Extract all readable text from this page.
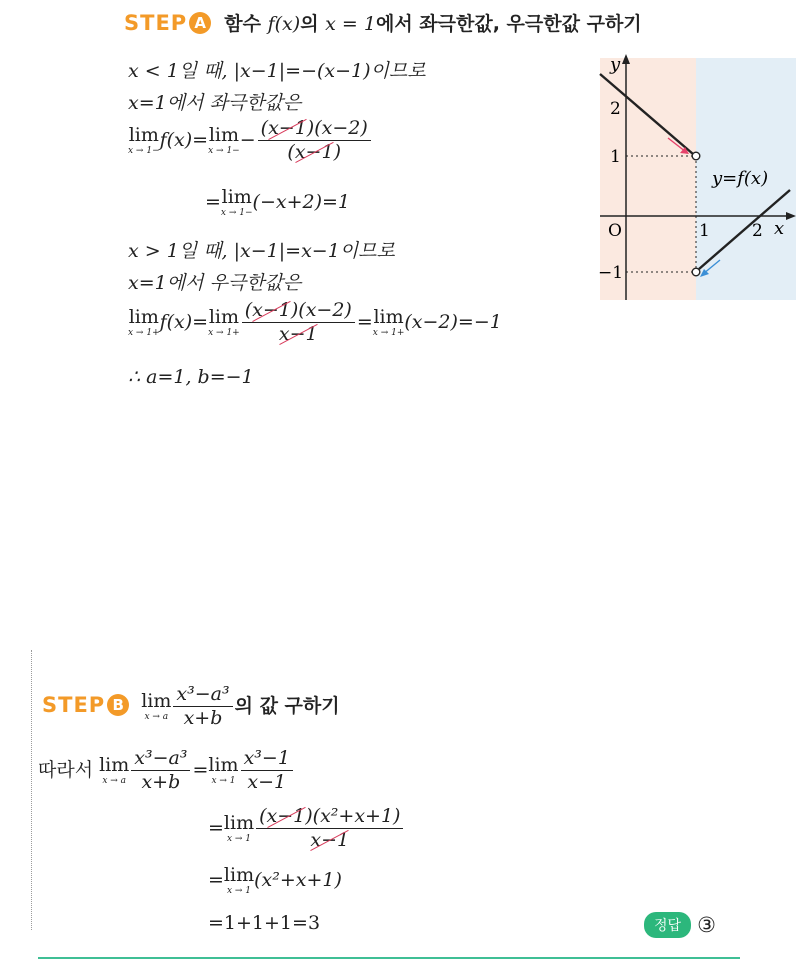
STEP A 함수 f(x)의 x = 1에서 좌극한값, 우극한값 구하기
x < 1일 때, |x−1|=−(x−1)이므로
x=1에서 좌극한값은
lim
x → 1− f(x)= lim
$x \to 1- - \frac{(x-1)(x-2)}{(x-1)}$
= lim
x → 1− (−x+2)=1
x > 1일 때, |x−1|=x−1이므로
x=1에서 우극한값은
lim
x → 1+ f(x)= lim
$x \to 1+ \frac{(x-1)(x-2)}{x-1} = \lim$
x → 1+ (x−2)=−1
∴ a=1, b=−1
y
x
O	1 2
2
1
−1
y=f(x)
STEP B lim
x → a $\frac{\text{x³−a³}}{x+b}$ 의 값 구하기
따라서 lim
x → a $\frac{\text{x³−a³}}{x+b} = \lim$
$x \to 1 \frac{\text{x³−1}}{x-1}$
= lim
$x \to 1 \frac{\text{(x−1)(x²+x+1)}}{x-1}$
= lim
x → 1 (x²+x+1)
=1+1+1=3	정답 ③
